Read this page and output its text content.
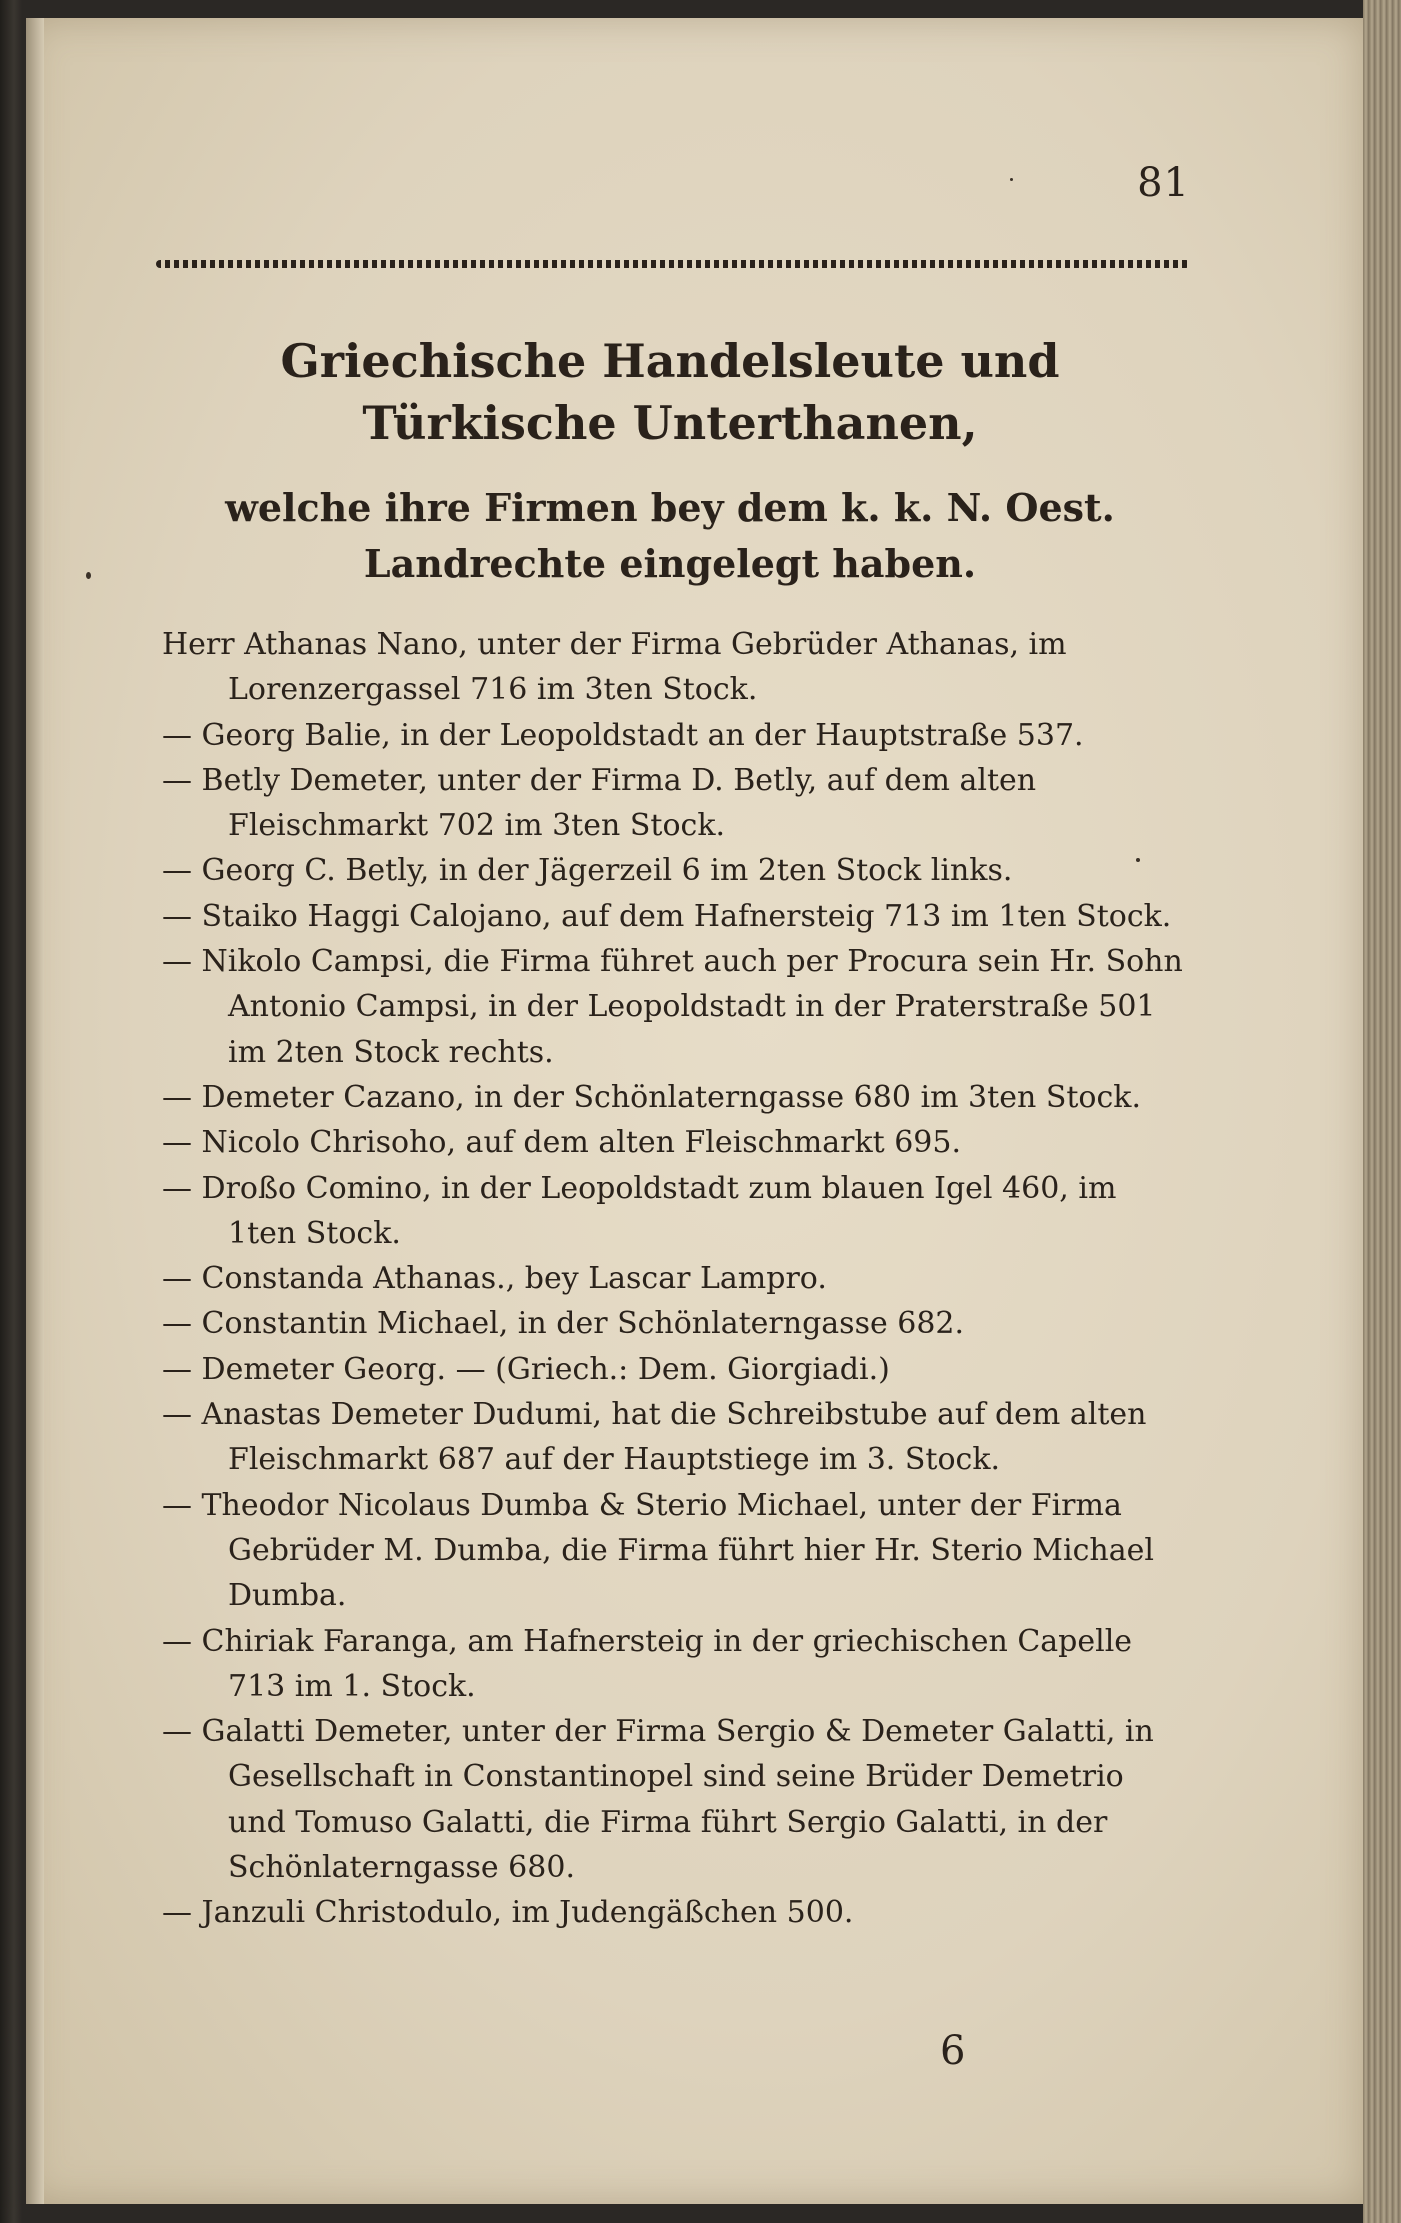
81
Griechische Handelsleute und Türkische Unterthanen,
welche ihre Firmen bey dem k. k. N. Oest. Landrechte eingelegt haben.
Herr Athanas Nano, unter der Firma Gebrüder Athanas, im Lorenzergassel 716 im 3ten Stock.
— Georg Balie, in der Leopoldstadt an der Hauptstraße 537.
— Betly Demeter, unter der Firma D. Betly, auf dem alten Fleischmarkt 702 im 3ten Stock.
— Georg C. Betly, in der Jägerzeil 6 im 2ten Stock links.
— Staiko Haggi Calojano, auf dem Hafnersteig 713 im 1ten Stock.
— Nikolo Campsi, die Firma führet auch per Procura sein Hr. Sohn Antonio Campsi, in der Leopoldstadt in der Praterstraße 501 im 2ten Stock rechts.
— Demeter Cazano, in der Schönlaterngasse 680 im 3ten Stock.
— Nicolo Chrisoho, auf dem alten Fleischmarkt 695.
— Droßo Comino, in der Leopoldstadt zum blauen Igel 460, im 1ten Stock.
— Constanda Athanas., bey Lascar Lampro.
— Constantin Michael, in der Schönlaterngasse 682.
— Demeter Georg. — (Griech.: Dem. Giorgiadi.)
— Anastas Demeter Dudumi, hat die Schreibstube auf dem alten Fleischmarkt 687 auf der Hauptstiege im 3. Stock.
— Theodor Nicolaus Dumba & Sterio Michael, unter der Firma Gebrüder M. Dumba, die Firma führt hier Hr. Sterio Michael Dumba.
— Chiriak Faranga, am Hafnersteig in der griechischen Capelle 713 im 1. Stock.
— Galatti Demeter, unter der Firma Sergio & Demeter Galatti, in Gesellschaft in Constantinopel sind seine Brüder Demetrio und Tomuso Galatti, die Firma führt Sergio Galatti, in der Schönlaterngasse 680.
— Janzuli Christodulo, im Judengäßchen 500.
6
